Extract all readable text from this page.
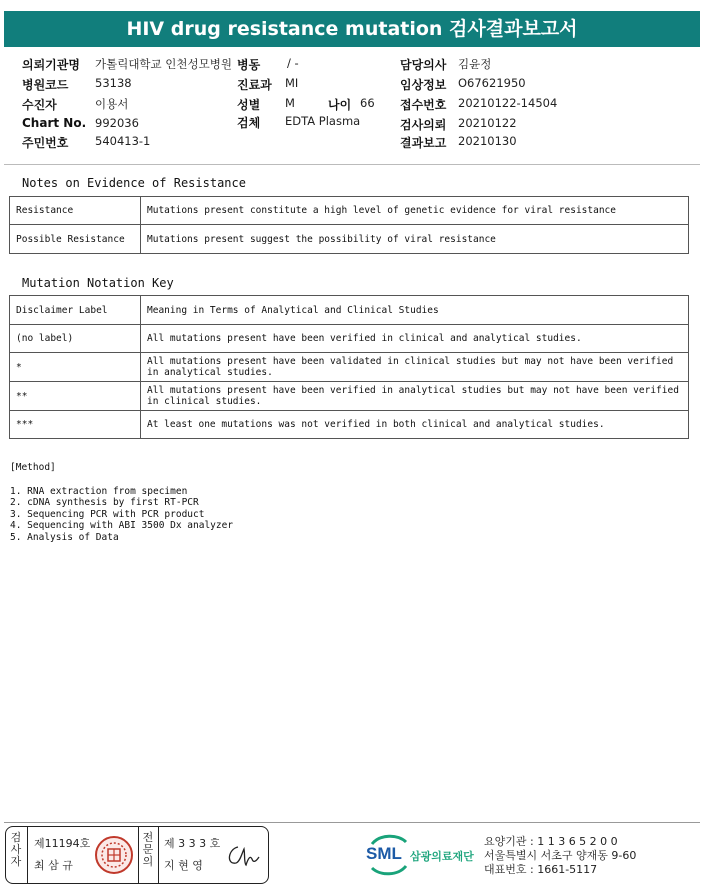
HIV drug resistance mutation 검사결과보고서
의뢰기관명 가톨릭대학교 인천성모병원 병동 / -	담당의사 김윤정
병원코드 53138	진료과 MI	임상정보 O67621950
수진자	이용서	성별 M	나이 66 접수번호 20210122-14504
Chart No. 992036	검체 EDTA Plasma	검사의뢰 20210122
주민번호 540413-1	결과보고 20210130
Notes on Evidence of Resistance
Resistance	Mutations present constitute a high level of genetic evidence for viral resistance
Possible Resistance	Mutations present suggest the possibility of viral resistance
Mutation Notation Key
Disclaimer Label	Meaning in Terms of Analytical and Clinical Studies
(no label)	All mutations present have been verified in clinical and analytical studies.
*	All mutations present have been validated in clinical studies but may not have been verified
in analytical studies.

**	All mutations present have been verified in analytical studies but may not have been verified
in clinical studies.

***	At least one mutations was not verified in both clinical and analytical studies.
[Method]
1. RNA extraction from specimen
2. cDNA synthesis by first RT-PCR
3. Sequencing PCR with PCR product
4. Sequencing with ABI 3500 Dx analyzer
5. Analysis of Data
검
사
자
제11194호
최 삼 규
전
문
의
제 3 3 3 호
지 현 영
SML 삼광의료재단
요양기관 : 1 1 3 6 5 2 0 0
서울특별시 서초구 양재동 9-60
대표번호 : 1661-5117
